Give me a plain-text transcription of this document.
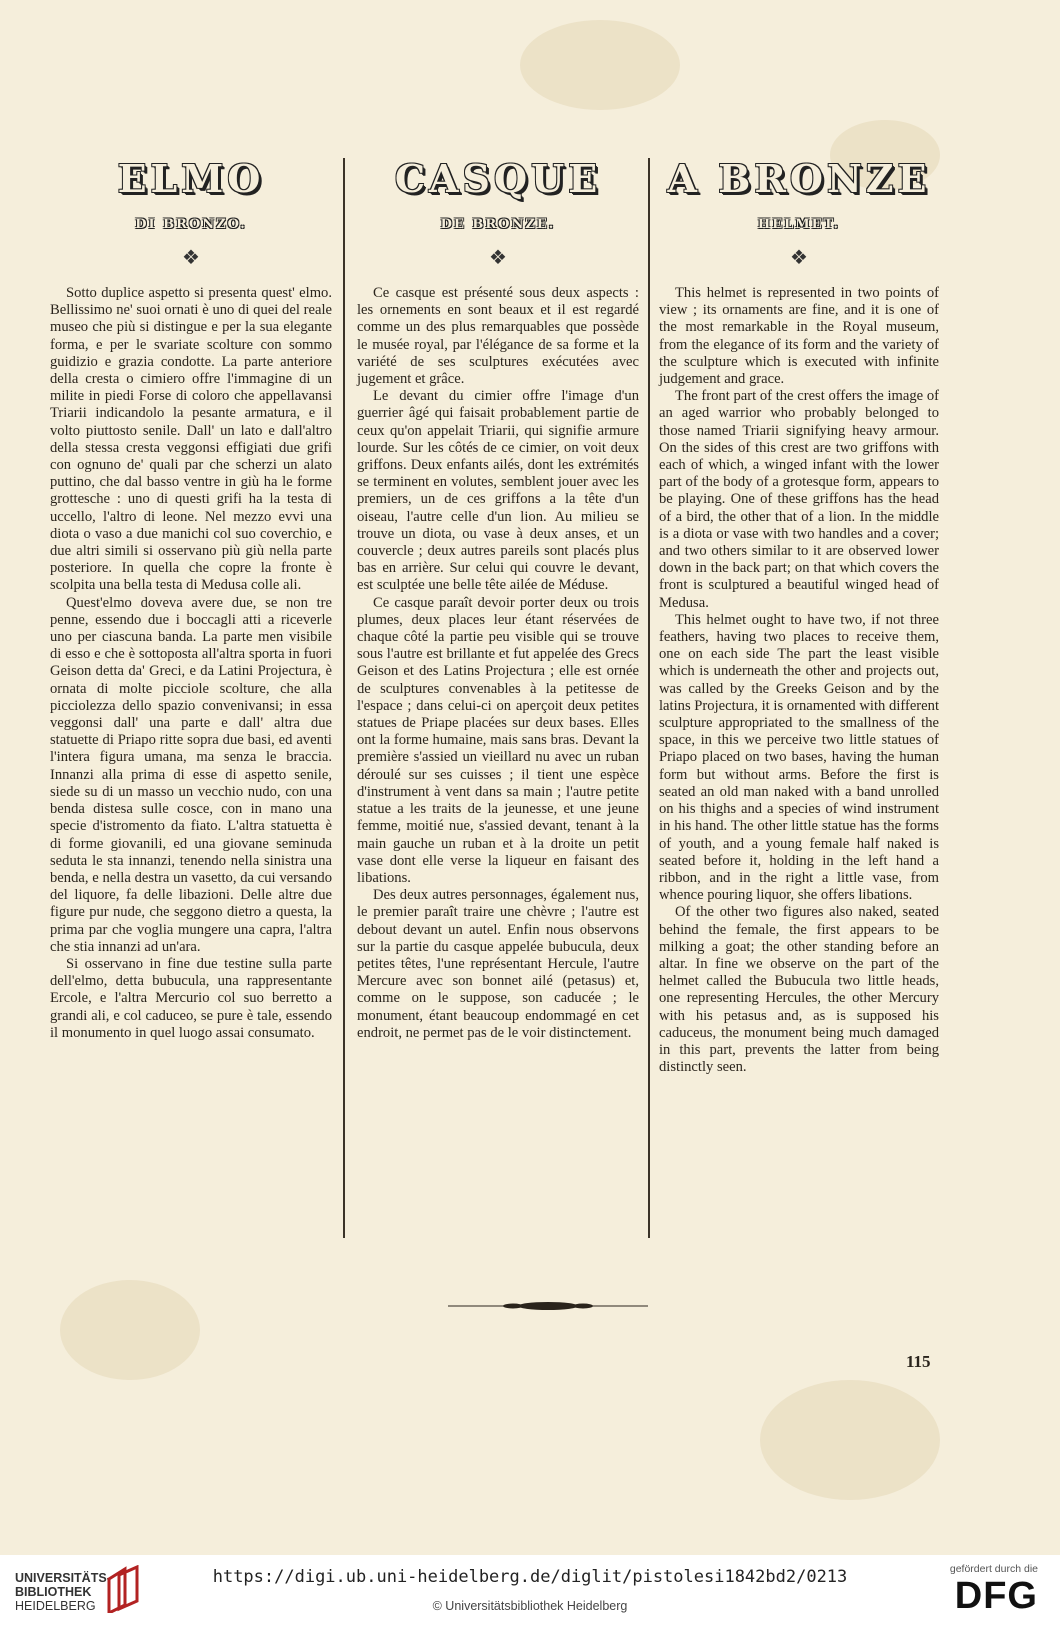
ELMO
DI BRONZO.
❖

Sotto duplice aspetto si presenta quest' elmo. Bellissimo ne' suoi ornati è uno di quei del reale museo che più si distingue e per la sua elegante forma, e per le svariate scolture con sommo guidizio e grazia condotte. La parte anteriore della cresta o cimiero offre l'immagine di un milite in piedi Forse di coloro che appellavansi Triarii indicandolo la pesante armatura, e il volto piuttosto senile. Dall' un lato e dall'altro della stessa cresta veggonsi effigiati due grifi con ognuno de' quali par che scherzi un alato puttino, che dal basso ventre in giù ha le forme grottesche : uno di questi grifi ha la testa di uccello, l'altro di leone. Nel mezzo evvi una diota o vaso a due manichi col suo coverchio, e due altri simili si osservano più giù nella parte posteriore. In quella che copre la fronte è scolpita una bella testa di Medusa colle ali.

Quest'elmo doveva avere due, se non tre penne, essendo due i boccagli atti a riceverle uno per ciascuna banda. La parte men visibile di esso e che è sottoposta all'altra sporta in fuori Geison detta da' Greci, e da Latini Projectura, è ornata di molte picciole scolture, che alla picciolezza dello spazio convenivansi; in essa veggonsi dall' una parte e dall' altra due statuette di Priapo ritte sopra due basi, ed aventi l'intera figura umana, ma senza le braccia. Innanzi alla prima di esse di aspetto senile, siede su di un masso un vecchio nudo, con una benda distesa sulle cosce, con in mano una specie d'istromento da fiato. L'altra statuetta è di forme giovanili, ed una giovane seminuda seduta le sta innanzi, tenendo nella sinistra una benda, e nella destra un vasetto, da cui versando del liquore, fa delle libazioni. Delle altre due figure pur nude, che seggono dietro a questa, la prima par che voglia mungere una capra, l'altra che stia innanzi ad un'ara.

Si osservano in fine due testine sulla parte dell'elmo, detta bubucula, una rappresentante Ercole, e l'altra Mercurio col suo berretto a grandi ali, e col caduceo, se pure è tale, essendo il monumento in quel luogo assai consumato.

CASQUE
DE BRONZE.
❖

Ce casque est présenté sous deux aspects : les ornements en sont beaux et il est regardé comme un des plus remarquables que possède le musée royal, par l'élégance de sa forme et la variété de ses sculptures exécutées avec jugement et grâce.

Le devant du cimier offre l'image d'un guerrier âgé qui faisait probablement partie de ceux qu'on appelait Triarii, qui signifie armure lourde. Sur les côtés de ce cimier, on voit deux griffons. Deux enfants ailés, dont les extrémités se terminent en volutes, semblent jouer avec les premiers, un de ces griffons a la tête d'un oiseau, l'autre celle d'un lion. Au milieu se trouve un diota, ou vase à deux anses, et un couvercle ; deux autres pareils sont placés plus bas en arrière. Sur celui qui couvre le devant, est sculptée une belle tête ailée de Méduse.

Ce casque paraît devoir porter deux ou trois plumes, deux places leur étant réservées de chaque côté la partie peu visible qui se trouve sous l'autre est brillante et fut appelée des Grecs Geison et des Latins Projectura ; elle est ornée de sculptures convenables à la petitesse de l'espace ; dans celui-ci on aperçoit deux petites statues de Priape placées sur deux bases. Elles ont la forme humaine, mais sans bras. Devant la première s'assied un vieillard nu avec un ruban déroulé sur ses cuisses ; il tient une espèce d'instrument à vent dans sa main ; l'autre petite statue a les traits de la jeunesse, et une jeune femme, moitié nue, s'assied devant, tenant à la main gauche un ruban et à la droite un petit vase dont elle verse la liqueur en faisant des libations.

Des deux autres personnages, également nus, le premier paraît traire une chèvre ; l'autre est debout devant un autel. Enfin nous observons sur la partie du casque appelée bubucula, deux petites têtes, l'une représentant Hercule, l'autre Mercure avec son bonnet ailé (petasus) et, comme on le suppose, son caducée ; le monument, étant beaucoup endommagé en cet endroit, ne permet pas de le voir distinctement.

A BRONZE
HELMET.
❖

This helmet is represented in two points of view ; its ornaments are fine, and it is one of the most remarkable in the Royal museum, from the elegance of its form and the variety of the sculpture which is executed with infinite judgement and grace.

The front part of the crest offers the image of an aged warrior who probably belonged to those named Triarii signifying heavy armour. On the sides of this crest are two griffons with each of which, a winged infant with the lower part of the body of a grotesque form, appears to be playing. One of these griffons has the head of a bird, the other that of a lion. In the middle is a diota or vase with two handles and a cover; and two others similar to it are observed lower down in the back part; on that which covers the front is sculptured a beautiful winged head of Medusa.

This helmet ought to have two, if not three feathers, having two places to receive them, one on each side The part the least visible which is underneath the other and projects out, was called by the Greeks Geison and by the latins Projectura, it is ornamented with different sculpture appropriated to the smallness of the space, in this we perceive two little statues of Priapo placed on two bases, having the human form but without arms. Before the first is seated an old man naked with a band unrolled on his thighs and a species of wind instrument in his hand. The other little statue has the forms of youth, and a young female half naked is seated before it, holding in the left hand a ribbon, and in the right a little vase, from whence pouring liquor, she offers libations.

Of the other two figures also naked, seated behind the female, the first appears to be milking a goat; the other standing before an altar. In fine we observe on the part of the helmet called the Bubucula two little heads, one representing Hercules, the other Mercury with his petasus and, as is supposed his caduceus, the monument being much damaged in this part, prevents the latter from being distinctly seen.

115
UNIVERSITÄTS-
BIBLIOTHEK
HEIDELBERG
https://digi.ub.uni-heidelberg.de/diglit/pistolesi1842bd2/0213
© Universitätsbibliothek Heidelberg
gefördert durch die
DFG
